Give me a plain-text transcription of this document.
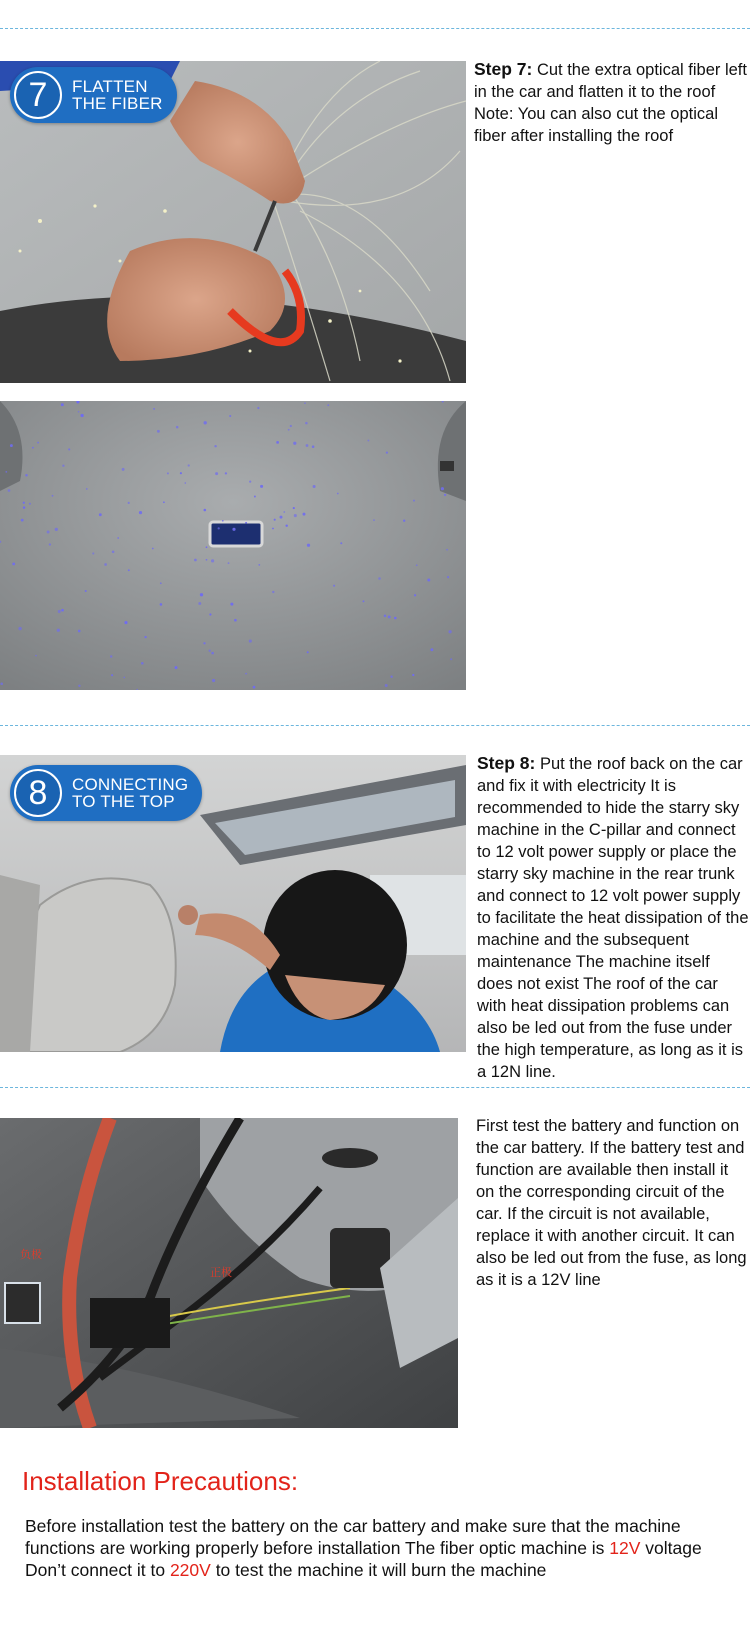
7	FLATTEN
THE FIBER
Step 7: Cut the extra optical fiber left in the car and flatten it to the roof Note: You can also cut the optical fiber after installing the roof
8	CONNECTING
TO THE TOP
Step 8: Put the roof back on the car and fix it with electricity It is recommended to hide the starry sky machine in the C-pillar and connect to 12 volt power supply or place the starry sky machine in the rear trunk and connect to 12 volt power supply to facilitate the heat dissipation of the machine and the subsequent maintenance The machine itself does not exist The roof of the car with heat dissipation problems can also be led out from the fuse under the high temperature, as long as it is a 12N line.
负极
正极
First test the battery and function on the car battery. If the battery test and function are available then install it on the corresponding circuit of the car. If the circuit is not available, replace it with another circuit. It can also be led out from the fuse, as long as it is a 12V line
Installation Precautions:
Before installation test the battery on the car battery and make sure that the machine functions are working properly before installation The fiber optic machine is 12V voltage Don’t connect it to 220V to test the machine it will burn the machine
